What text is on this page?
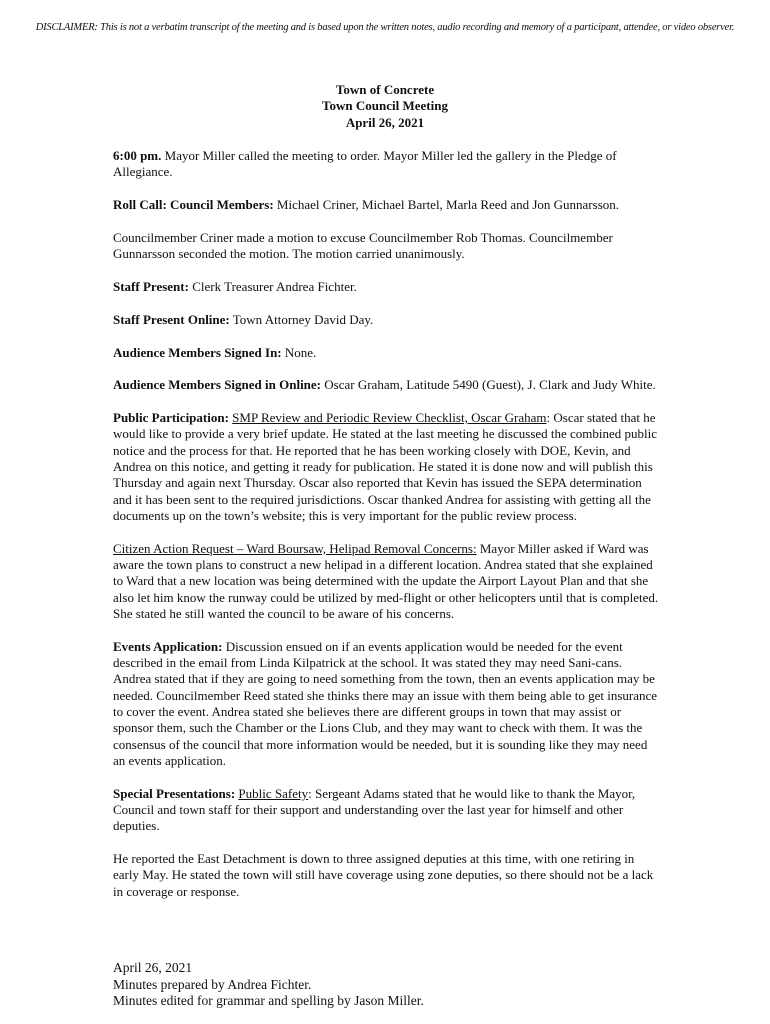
DISCLAIMER: This is not a verbatim transcript of the meeting and is based upon the written notes, audio recording and memory of a participant, attendee, or video observer.
Town of Concrete
Town Council Meeting
April 26, 2021

6:00 pm. Mayor Miller called the meeting to order. Mayor Miller led the gallery in the Pledge of Allegiance.

Roll Call: Council Members: Michael Criner, Michael Bartel, Marla Reed and Jon Gunnarsson.

Councilmember Criner made a motion to excuse Councilmember Rob Thomas. Councilmember Gunnarsson seconded the motion. The motion carried unanimously.

Staff Present: Clerk Treasurer Andrea Fichter.

Staff Present Online: Town Attorney David Day.

Audience Members Signed In: None.

Audience Members Signed in Online: Oscar Graham, Latitude 5490 (Guest), J. Clark and Judy White.

Public Participation: SMP Review and Periodic Review Checklist, Oscar Graham: Oscar stated that he would like to provide a very brief update. He stated at the last meeting he discussed the combined public notice and the process for that. He reported that he has been working closely with DOE, Kevin, and Andrea on this notice, and getting it ready for publication. He stated it is done now and will publish this Thursday and again next Thursday. Oscar also reported that Kevin has issued the SEPA determination and it has been sent to the required jurisdictions. Oscar thanked Andrea for assisting with getting all the documents up on the town’s website; this is very important for the public review process.

Citizen Action Request – Ward Boursaw, Helipad Removal Concerns: Mayor Miller asked if Ward was aware the town plans to construct a new helipad in a different location. Andrea stated that she explained to Ward that a new location was being determined with the update the Airport Layout Plan and that she also let him know the runway could be utilized by med-flight or other helicopters until that is completed. She stated he still wanted the council to be aware of his concerns.

Events Application: Discussion ensued on if an events application would be needed for the event described in the email from Linda Kilpatrick at the school. It was stated they may need Sani-cans. Andrea stated that if they are going to need something from the town, then an events application may be needed. Councilmember Reed stated she thinks there may an issue with them being able to get insurance to cover the event. Andrea stated she believes there are different groups in town that may assist or sponsor them, such the Chamber or the Lions Club, and they may want to check with them. It was the consensus of the council that more information would be needed, but it is sounding like they may need an events application.

Special Presentations: Public Safety: Sergeant Adams stated that he would like to thank the Mayor, Council and town staff for their support and understanding over the last year for himself and other deputies.

He reported the East Detachment is down to three assigned deputies at this time, with one retiring in early May. He stated the town will still have coverage using zone deputies, so there should not be a lack in coverage or response.

April 26, 2021
Minutes prepared by Andrea Fichter.
Minutes edited for grammar and spelling by Jason Miller.
